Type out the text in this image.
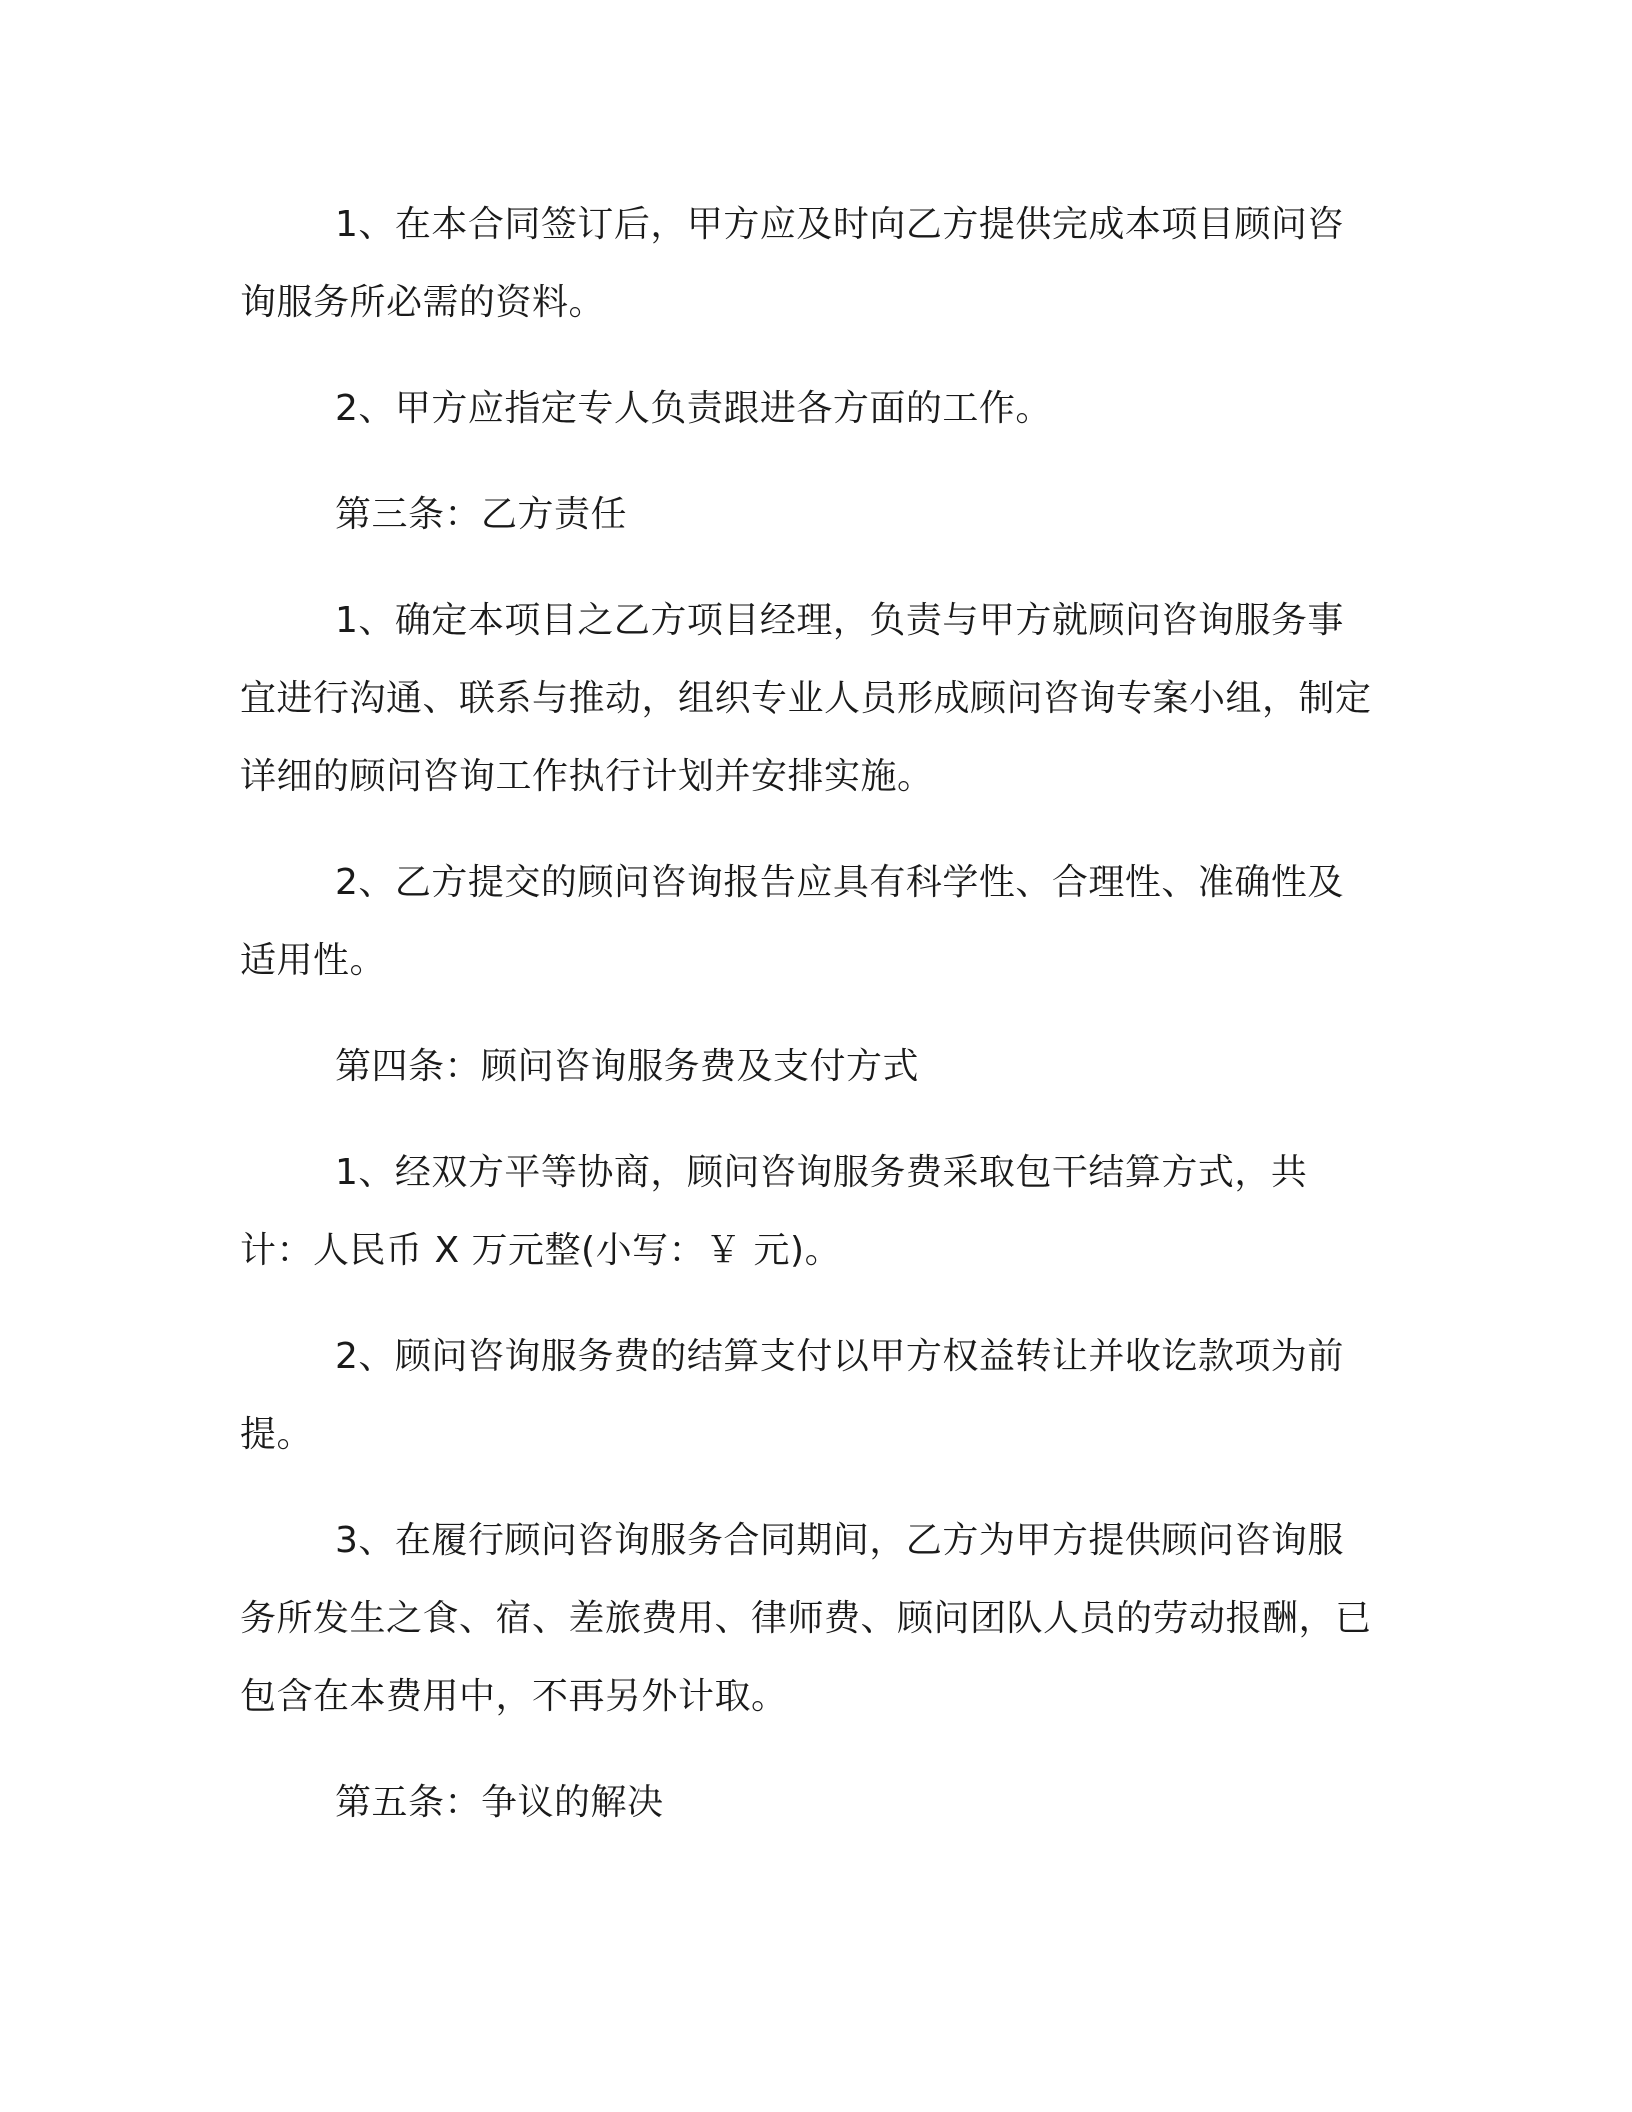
1、在本合同签订后，甲方应及时向乙方提供完成本项目顾问咨询服务所必需的资料。

2、甲方应指定专人负责跟进各方面的工作。

第三条：乙方责任

1、确定本项目之乙方项目经理，负责与甲方就顾问咨询服务事宜进行沟通、联系与推动，组织专业人员形成顾问咨询专案小组，制定详细的顾问咨询工作执行计划并安排实施。

2、乙方提交的顾问咨询报告应具有科学性、合理性、准确性及适用性。

第四条：顾问咨询服务费及支付方式

1、经双方平等协商，顾问咨询服务费采取包干结算方式，共计：人民币 X 万元整(小写：￥ 元)。

2、顾问咨询服务费的结算支付以甲方权益转让并收讫款项为前提。

3、在履行顾问咨询服务合同期间，乙方为甲方提供顾问咨询服务所发生之食、宿、差旅费用、律师费、顾问团队人员的劳动报酬，已包含在本费用中，不再另外计取。

第五条：争议的解决
